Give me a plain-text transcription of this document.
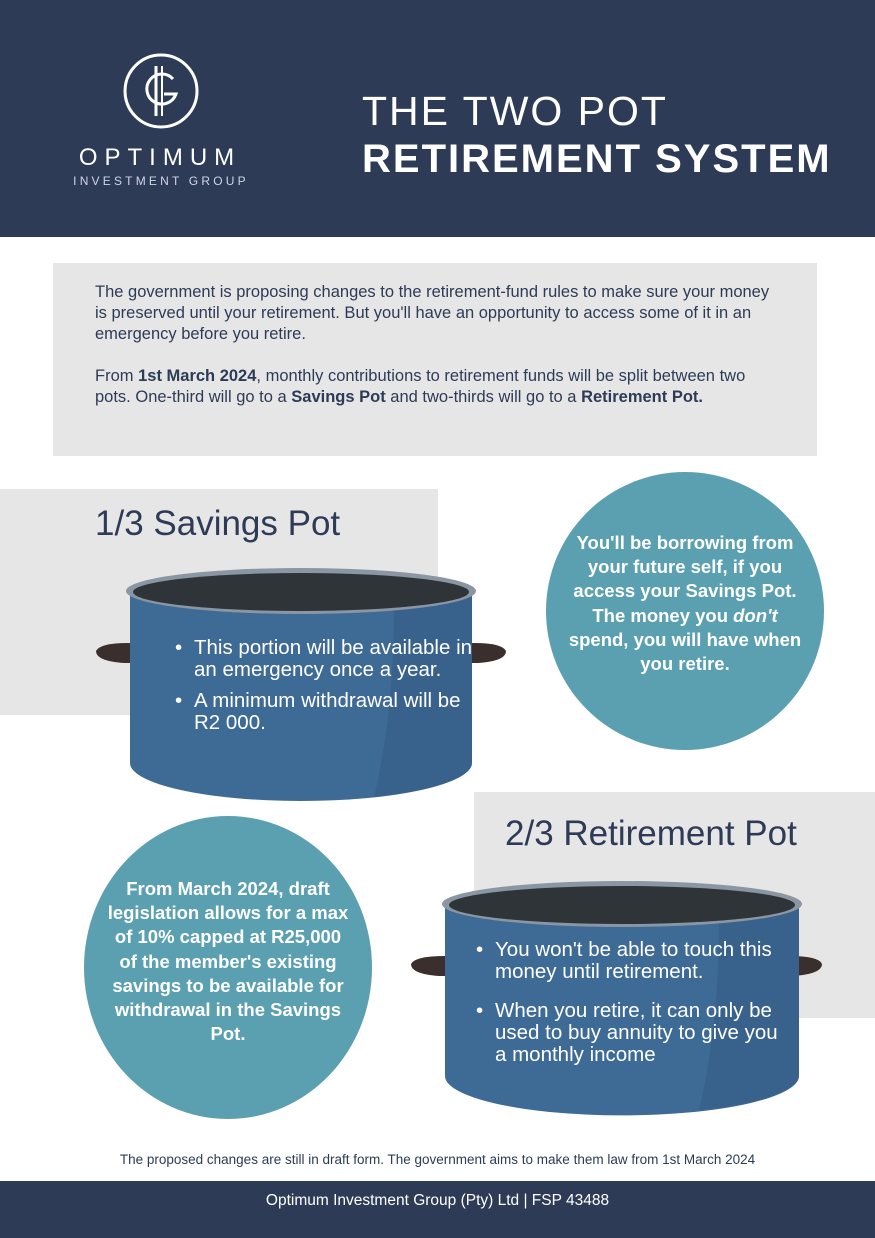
OPTIMUM
INVESTMENT GROUP
THE TWO POT
RETIREMENT SYSTEM

The government is proposing changes to the retirement-fund rules to make sure your money is preserved until your retirement. But you'll have an opportunity to access some of it in an emergency before you retire.

From 1st March 2024, monthly contributions to retirement funds will be split between two pots. One-third will go to a Savings Pot and two-thirds will go to a Retirement Pot.

1/3 Savings Pot
• This portion will be available in an emergency once a year.
• A minimum withdrawal will be R2 000.

You'll be borrowing from your future self, if you access your Savings Pot. The money you don't spend, you will have when you retire.

2/3 Retirement Pot
• You won't be able to touch this money until retirement.
• When you retire, it can only be used to buy annuity to give you a monthly income

From March 2024, draft legislation allows for a max of 10% capped at R25,000 of the member's existing savings to be available for withdrawal in the Savings Pot.

The proposed changes are still in draft form. The government aims to make them law from 1st March 2024
Optimum Investment Group (Pty) Ltd | FSP 43488
